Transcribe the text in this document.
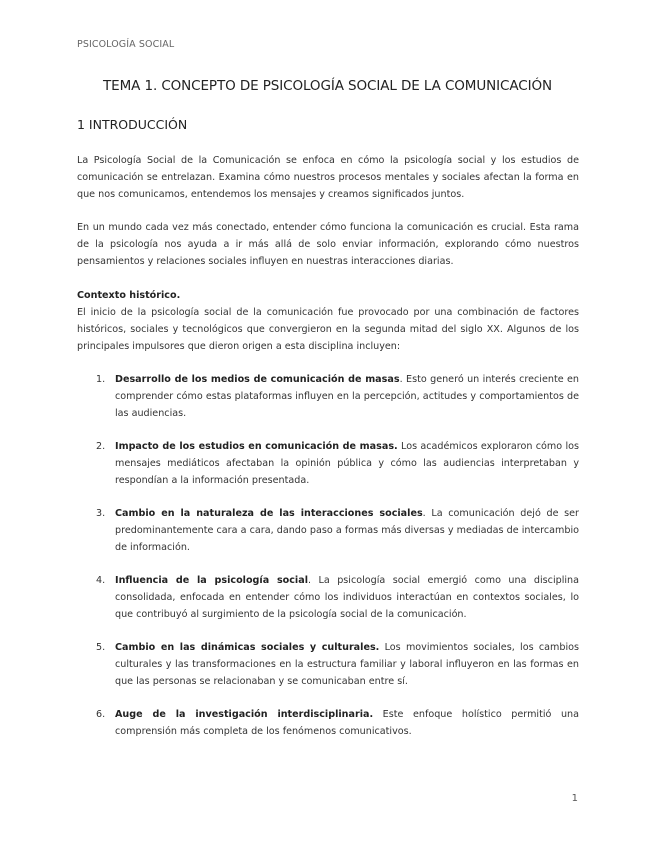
PSICOLOGÍA SOCIAL
TEMA 1. CONCEPTO DE PSICOLOGÍA SOCIAL DE LA COMUNICACIÓN
1 INTRODUCCIÓN

La Psicología Social de la Comunicación se enfoca en cómo la psicología social y los estudios de comunicación se entrelazan. Examina cómo nuestros procesos mentales y sociales afectan la forma en que nos comunicamos, entendemos los mensajes y creamos significados juntos.

En un mundo cada vez más conectado, entender cómo funciona la comunicación es crucial. Esta rama de la psicología nos ayuda a ir más allá de solo enviar información, explorando cómo nuestros pensamientos y relaciones sociales influyen en nuestras interacciones diarias.

Contexto histórico.
El inicio de la psicología social de la comunicación fue provocado por una combinación de factores históricos, sociales y tecnológicos que convergieron en la segunda mitad del siglo XX. Algunos de los principales impulsores que dieron origen a esta disciplina incluyen:
1. Desarrollo de los medios de comunicación de masas. Esto generó un interés creciente en comprender cómo estas plataformas influyen en la percepción, actitudes y comportamientos de las audiencias.
2. Impacto de los estudios en comunicación de masas. Los académicos exploraron cómo los mensajes mediáticos afectaban la opinión pública y cómo las audiencias interpretaban y respondían a la información presentada.
3. Cambio en la naturaleza de las interacciones sociales. La comunicación dejó de ser predominantemente cara a cara, dando paso a formas más diversas y mediadas de intercambio de información.
4. Influencia de la psicología social. La psicología social emergió como una disciplina consolidada, enfocada en entender cómo los individuos interactúan en contextos sociales, lo que contribuyó al surgimiento de la psicología social de la comunicación.
5. Cambio en las dinámicas sociales y culturales. Los movimientos sociales, los cambios culturales y las transformaciones en la estructura familiar y laboral influyeron en las formas en que las personas se relacionaban y se comunicaban entre sí.
6. Auge de la investigación interdisciplinaria. Este enfoque holístico permitió una comprensión más completa de los fenómenos comunicativos.
1
